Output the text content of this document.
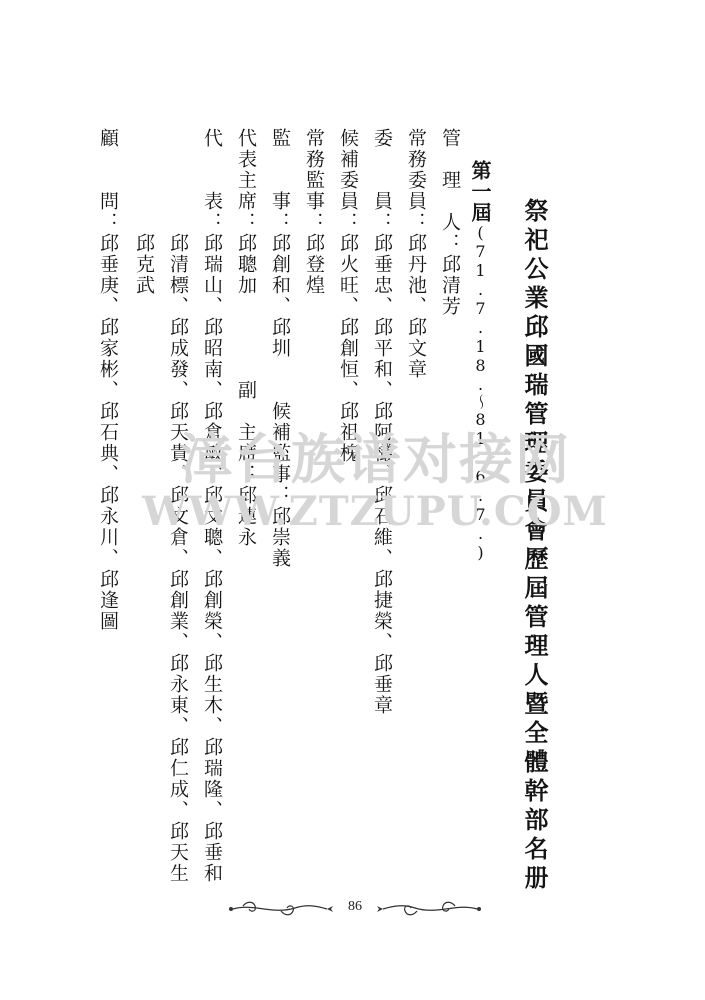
祭祀公業邱國瑞管理委員會歷屆管理人暨全體幹部名册
第一屆(71.7.18.～81.6.7.)
管　理　人：邱清芳
常務委員：邱丹池、邱文章
委　　員：邱垂忠、邱平和、邱阿欉、邱石維、邱捷榮、邱垂章
候補委員：邱火旺、邱創恒、邱祖槐
常務監事：邱登煌
監　　事：邱創和、邱圳　　候補監事：邱崇義
代表主席：邱聰加　　　　副　主席：邱連永
代　　表：邱瑞山、邱昭南、邱倉敏、邱文聰、邱創榮、邱生木、邱瑞隆、邱垂和
　　　　　邱清標、邱成發、邱天貴、邱文倉、邱創業、邱永東、邱仁成、邱天生
　　　　　邱克武
顧　　問：邱垂庚、邱家彬、邱石典、邱永川、邱逢圖	漳台族谱对接网
WWW.ZTZUPU.COM
86
